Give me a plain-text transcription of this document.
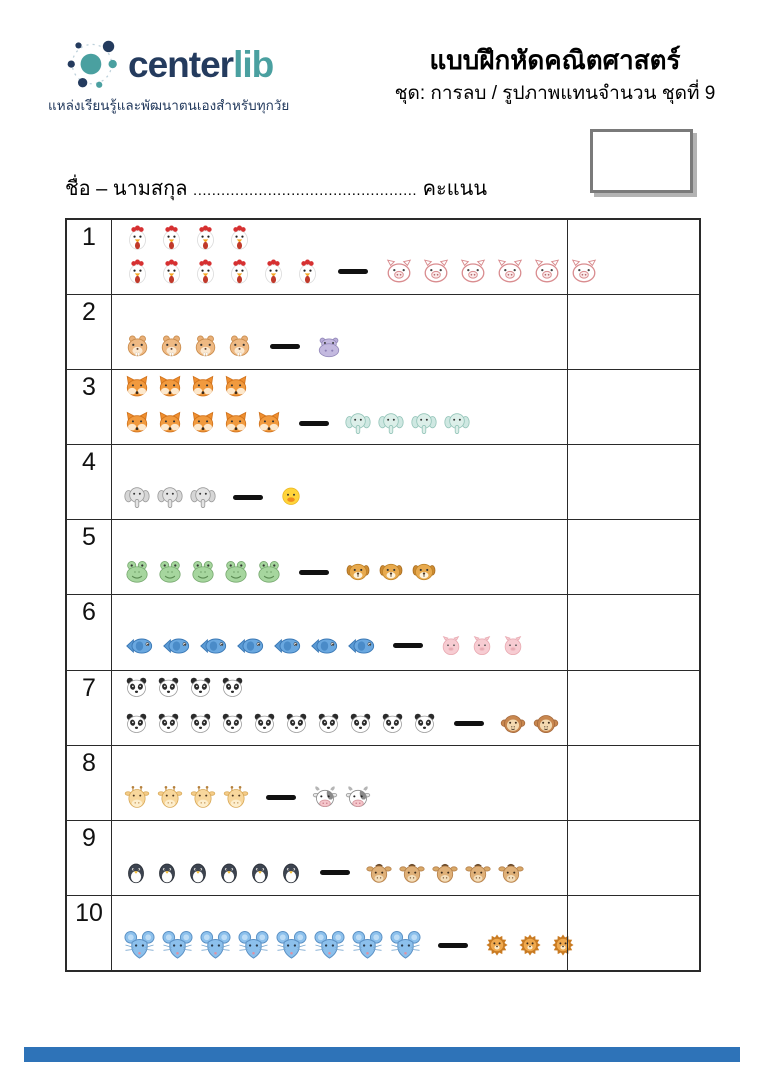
centerlib
แหล่งเรียนรู้และพัฒนาตนเองสำหรับทุกวัย
แบบฝึกหัดคณิตศาสตร์
ชุด: การลบ / รูปภาพแทนจำนวน ชุดที่ 9
ชื่อ – นามสกุล ................................................ คะแนน
1
2
3
4
5
6
7
8
9
10
